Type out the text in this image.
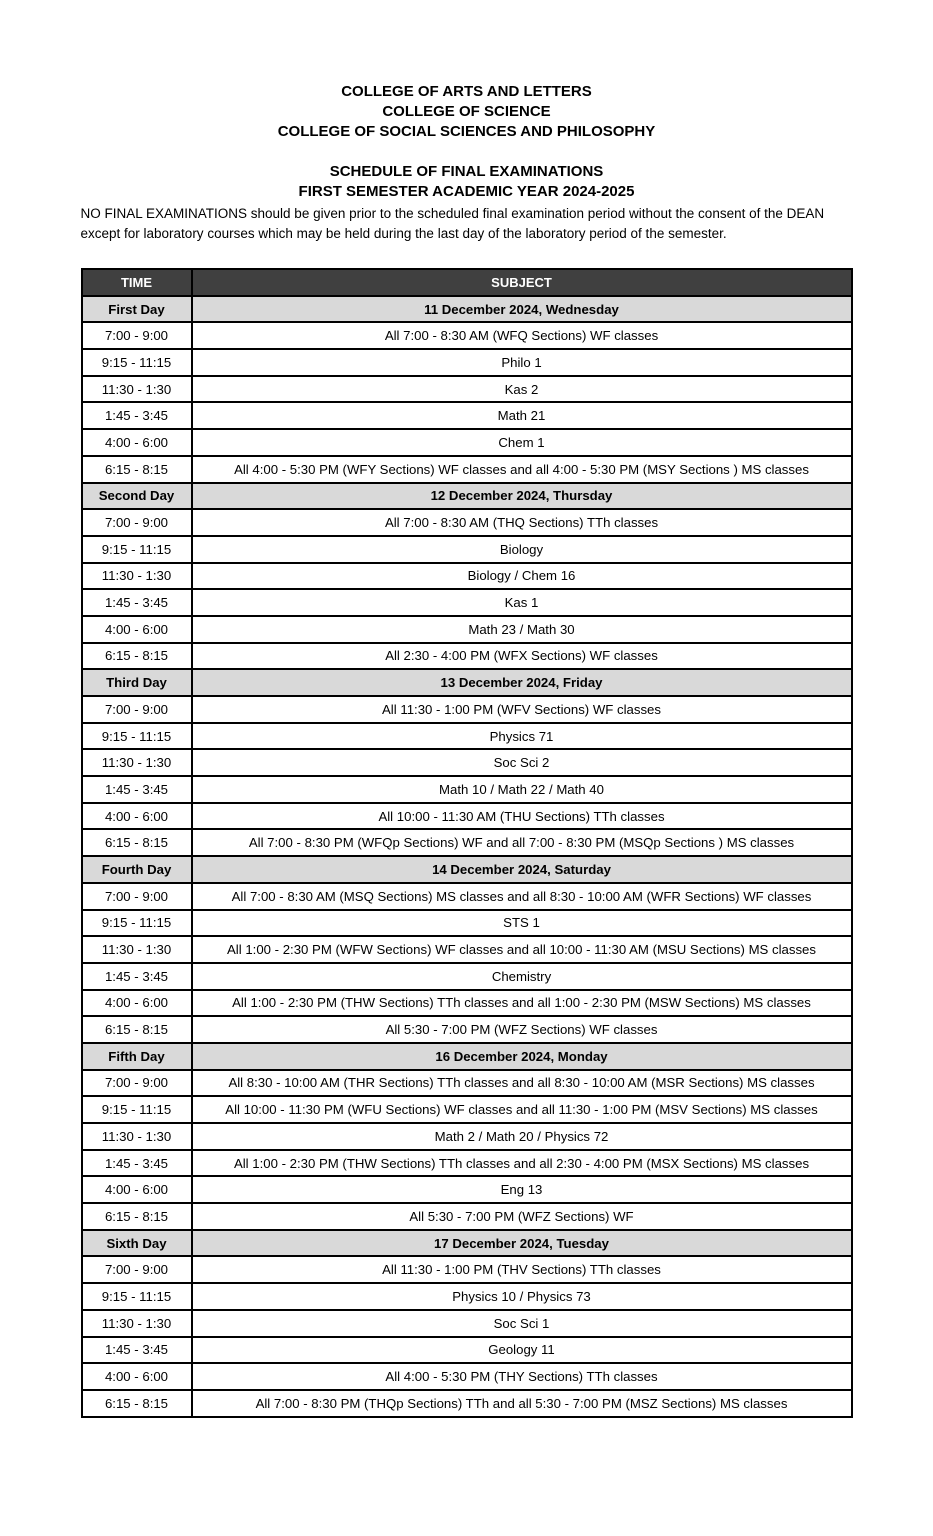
COLLEGE OF ARTS AND LETTERS
COLLEGE OF SCIENCE
COLLEGE OF SOCIAL SCIENCES AND PHILOSOPHY
SCHEDULE OF FINAL EXAMINATIONS
FIRST SEMESTER ACADEMIC YEAR 2024-2025
NO FINAL EXAMINATIONS should be given prior to the scheduled final examination period without the consent of the DEAN except for laboratory courses which may be held during the last day of the laboratory period of the semester.
TIME	SUBJECT
First Day	11 December 2024, Wednesday
7:00 - 9:00	All 7:00 - 8:30 AM (WFQ Sections) WF classes
9:15 - 11:15	Philo 1
11:30 - 1:30	Kas 2
1:45 - 3:45	Math 21
4:00 - 6:00	Chem 1
6:15 - 8:15	All 4:00 - 5:30 PM (WFY Sections) WF classes and all 4:00 - 5:30 PM (MSY Sections ) MS classes
Second Day	12 December 2024, Thursday
7:00 - 9:00	All 7:00 - 8:30 AM (THQ Sections) TTh classes
9:15 - 11:15	Biology
11:30 - 1:30	Biology / Chem 16
1:45 - 3:45	Kas 1
4:00 - 6:00	Math 23 / Math 30
6:15 - 8:15	All 2:30 - 4:00 PM (WFX Sections) WF classes
Third Day	13 December 2024, Friday
7:00 - 9:00	All 11:30 - 1:00 PM (WFV Sections) WF classes
9:15 - 11:15	Physics 71
11:30 - 1:30	Soc Sci 2
1:45 - 3:45	Math 10 / Math 22 / Math 40
4:00 - 6:00	All 10:00 - 11:30 AM (THU Sections) TTh classes
6:15 - 8:15	All 7:00 - 8:30 PM (WFQp Sections) WF and all 7:00 - 8:30 PM (MSQp Sections ) MS classes
Fourth Day	14 December 2024, Saturday
7:00 - 9:00	All 7:00 - 8:30 AM (MSQ Sections) MS classes and all 8:30 - 10:00 AM (WFR Sections) WF classes
9:15 - 11:15	STS 1
11:30 - 1:30	All 1:00 - 2:30 PM (WFW Sections) WF classes and all 10:00 - 11:30 AM (MSU Sections) MS classes
1:45 - 3:45	Chemistry
4:00 - 6:00	All 1:00 - 2:30 PM (THW Sections) TTh classes and all 1:00 - 2:30 PM (MSW Sections) MS classes
6:15 - 8:15	All 5:30 - 7:00 PM (WFZ Sections) WF classes
Fifth Day	16 December 2024, Monday
7:00 - 9:00	All 8:30 - 10:00 AM (THR Sections) TTh classes and all 8:30 - 10:00 AM (MSR Sections) MS classes
9:15 - 11:15	All 10:00 - 11:30 PM (WFU Sections) WF classes and all 11:30 - 1:00 PM (MSV Sections) MS classes
11:30 - 1:30	Math 2 / Math 20 / Physics 72
1:45 - 3:45	All 1:00 - 2:30 PM (THW Sections) TTh classes and all 2:30 - 4:00 PM (MSX Sections) MS classes
4:00 - 6:00	Eng 13
6:15 - 8:15	All 5:30 - 7:00 PM (WFZ Sections) WF
Sixth Day	17 December 2024, Tuesday
7:00 - 9:00	All 11:30 - 1:00 PM (THV Sections) TTh classes
9:15 - 11:15	Physics 10 / Physics 73
11:30 - 1:30	Soc Sci 1
1:45 - 3:45	Geology 11
4:00 - 6:00	All 4:00 - 5:30 PM (THY Sections) TTh classes
6:15 - 8:15	All 7:00 - 8:30 PM (THQp Sections) TTh and all 5:30 - 7:00 PM (MSZ Sections) MS classes
